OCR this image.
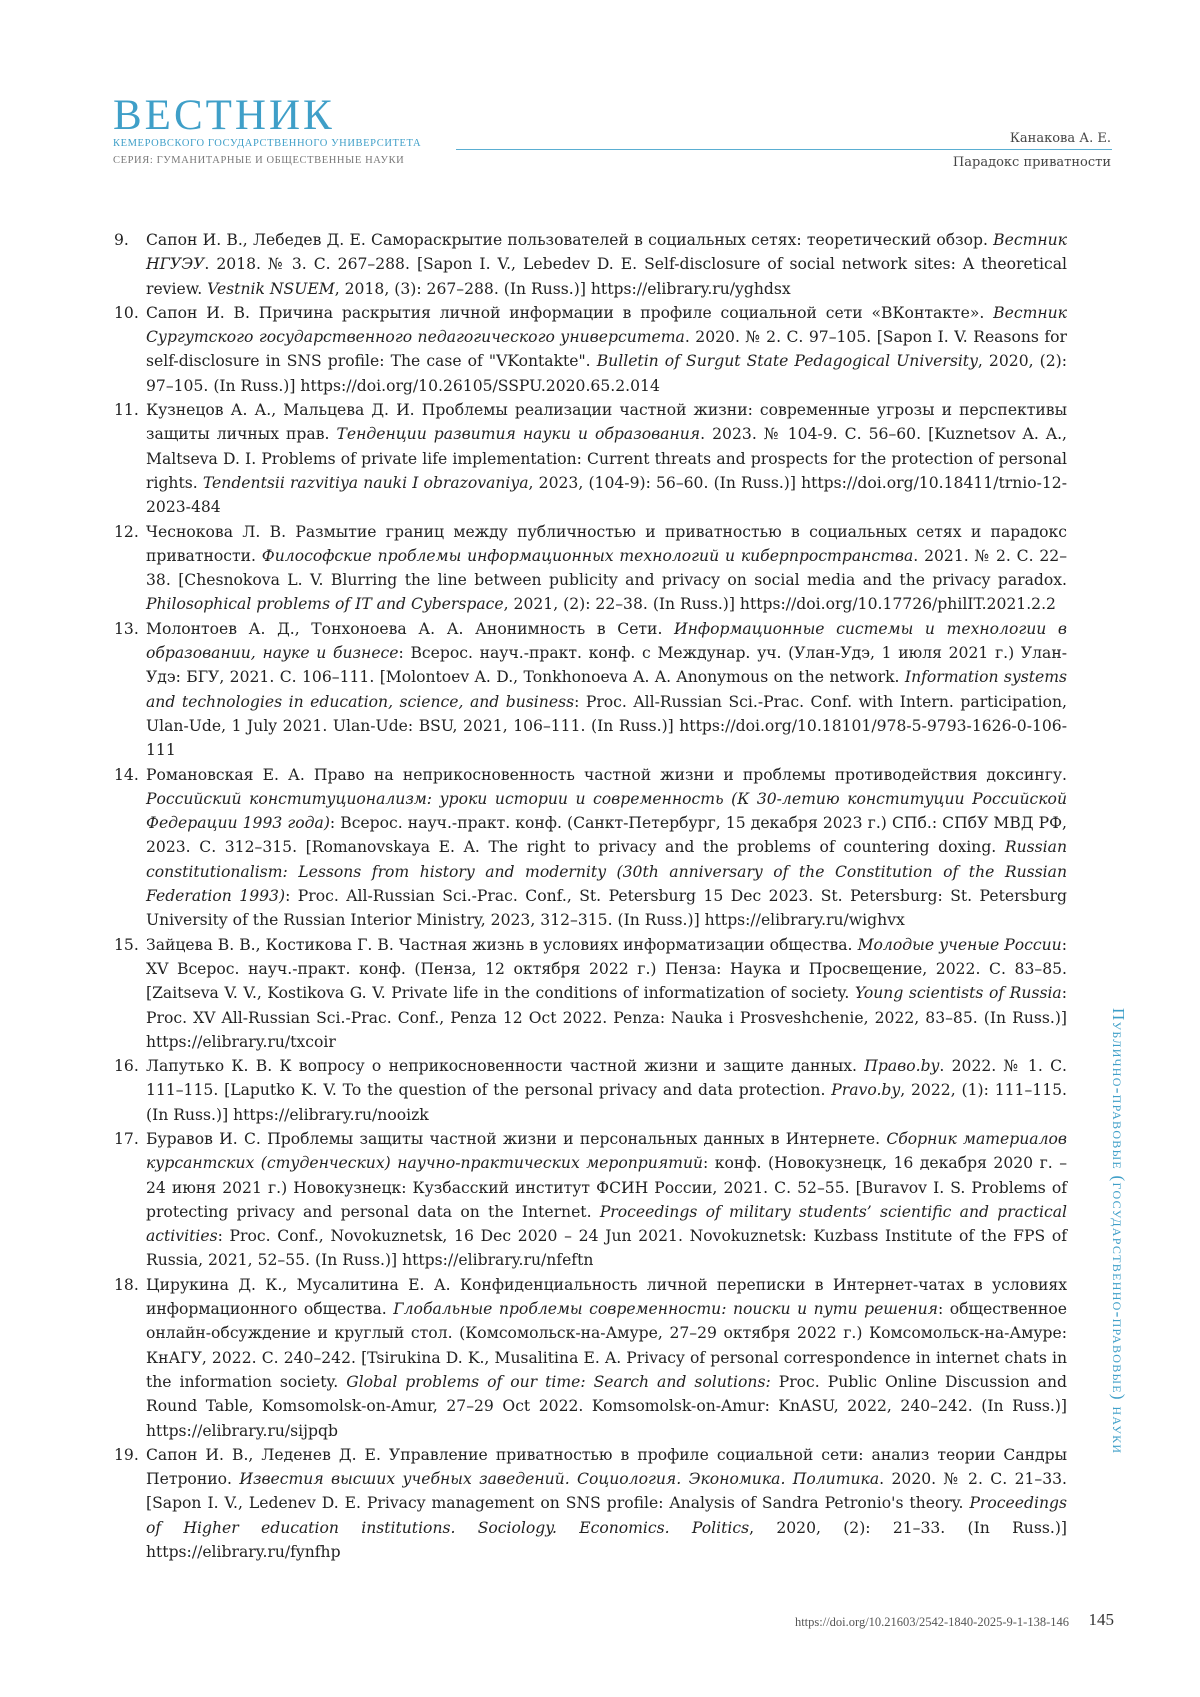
ВЕСТНИК
КЕМЕРОВСКОГО ГОСУДАРСТВЕННОГО УНИВЕРСИТЕТА
СЕРИЯ: ГУМАНИТАРНЫЕ И ОБЩЕСТВЕННЫЕ НАУКИ
Канакова А. Е.
Парадокс приватности
9.	Сапон И. В., Лебедев Д. Е. Саморaскрытие пользователей в социальных сетях: теоретический обзор. Вестник НГУЭУ. 2018. № 3. С. 267–288. [Sapon I. V., Lebedev D. E. Self-disclosure of social network sites: A theoretical review. Vestnik NSUEM, 2018, (3): 267–288. (In Russ.)] https://elibrary.ru/yghdsx
10. Сапон И. В. Причина раскрытия личной информации в профиле социальной сети «ВКонтакте». Вестник Сургутского государственного педагогического университета. 2020. № 2. С. 97–105. [Sapon I. V. Reasons for self-disclosure in SNS profile: The case of "VKontakte". Bulletin of Surgut State Pedagogical University, 2020, (2): 97–105. (In Russ.)] https://doi.org/10.26105/SSPU.2020.65.2.014
11. Кузнецов А. А., Мальцева Д. И. Проблемы реализации частной жизни: современные угрозы и перспективы защиты личных прав. Тенденции развития науки и образования. 2023. № 104-9. С. 56–60. [Kuznetsov A. A., Maltseva D. I. Problems of private life implementation: Current threats and prospects for the protection of personal rights. Tendentsii razvitiya nauki I obrazovaniya, 2023, (104-9): 56–60. (In Russ.)] https://doi.org/10.18411/trnio-12-2023-484
12. Чеснокова Л. В. Размытие границ между публичностью и приватностью в социальных сетях и парадокс приватности. Философские проблемы информационных технологий и киберпространства. 2021. № 2. С. 22–38. [Chesnokova L. V. Blurring the line between publicity and privacy on social media and the privacy paradox. Philosophical problems of IT and Cyberspace, 2021, (2): 22–38. (In Russ.)] https://doi.org/10.17726/philIT.2021.2.2
13. Молонтоев А. Д., Тонхоноева А. А. Анонимность в Сети. Информационные системы и технологии в образовании, науке и бизнесе: Всерос. науч.-практ. конф. с Междунар. уч. (Улан-Удэ, 1 июля 2021 г.) Улан-Удэ: БГУ, 2021. С. 106–111. [Molontoev A. D., Tonkhonoeva A. A. Anonymous on the network. Information systems and technologies in education, science, and business: Proc. All-Russian Sci.-Prac. Conf. with Intern. participation, Ulan-Ude, 1 July 2021. Ulan-Ude: BSU, 2021, 106–111. (In Russ.)] https://doi.org/10.18101/978-5-9793-1626-0-106-111
14. Романовская Е. А. Право на неприкосновенность частной жизни и проблемы противодействия доксингу. Российский конституционализм: уроки истории и современность (К 30-летию конституции Российской Федерации 1993 года): Всерос. науч.-практ. конф. (Санкт-Петербург, 15 декабря 2023 г.) СПб.: СПбУ МВД РФ, 2023. С. 312–315. [Romanovskaya E. A. The right to privacy and the problems of countering doxing. Russian constitutionalism: Lessons from history and modernity (30th anniversary of the Constitution of the Russian Federation 1993): Proc. All-Russian Sci.-Prac. Conf., St. Petersburg 15 Dec 2023. St. Petersburg: St. Petersburg University of the Russian Interior Ministry, 2023, 312–315. (In Russ.)] https://elibrary.ru/wighvx
15. Зайцева В. В., Костикова Г. В. Частная жизнь в условиях информатизации общества. Молодые ученые России: XV Всерос. науч.-практ. конф. (Пенза, 12 октября 2022 г.) Пенза: Наука и Просвещение, 2022. С. 83–85. [Zaitseva V. V., Kostikova G. V. Private life in the conditions of informatization of society. Young scientists of Russia: Proc. XV All-Russian Sci.-Prac. Conf., Penza 12 Oct 2022. Penza: Nauka i Prosveshchenie, 2022, 83–85. (In Russ.)] https://elibrary.ru/txcoir
16. Лапутько К. В. К вопросу о неприкосновенности частной жизни и защите данных. Право.by. 2022. № 1. С. 111–115. [Laputko K. V. To the question of the personal privacy and data protection. Pravo.by, 2022, (1): 111–115. (In Russ.)] https://elibrary.ru/nooizk
17. Буравов И. С. Проблемы защиты частной жизни и персональных данных в Интернете. Сборник материалов курсантских (студенческих) научно-практических мероприятий: конф. (Новокузнецк, 16 декабря 2020 г. – 24 июня 2021 г.) Новокузнецк: Кузбасский институт ФСИН России, 2021. С. 52–55. [Buravov I. S. Problems of protecting privacy and personal data on the Internet. Proceedings of military students’ scientific and practical activities: Proc. Conf., Novokuznetsk, 16 Dec 2020 – 24 Jun 2021. Novokuznetsk: Kuzbass Institute of the FPS of Russia, 2021, 52–55. (In Russ.)] https://elibrary.ru/nfeftn
18. Цирукина Д. К., Мусалитина Е. А. Конфиденциальность личной переписки в Интернет-чатах в условиях информационного общества. Глобальные проблемы современности: поиски и пути решения: общественное онлайн-обсуждение и круглый стол. (Комсомольск-на-Амуре, 27–29 октября 2022 г.) Комсомольск-на-Амуре: КнАГУ, 2022. С. 240–242. [Tsirukina D. K., Musalitina E. A. Privacy of personal correspondence in internet chats in the information society. Global problems of our time: Search and solutions: Proc. Public Online Discussion and Round Table, Komsomolsk-on-Amur, 27–29 Oct 2022. Komsomolsk-on-Amur: KnASU, 2022, 240–242. (In Russ.)] https://elibrary.ru/sijpqb
19. Сапон И. В., Леденев Д. Е. Управление приватностью в профиле социальной сети: анализ теории Сандры Петронио. Известия высших учебных заведений. Социология. Экономика. Политика. 2020. № 2. С. 21–33. [Sapon I. V., Ledenev D. E. Privacy management on SNS profile: Analysis of Sandra Petronio's theory. Proceedings of Higher education institutions. Sociology. Economics. Politics, 2020, (2): 21–33. (In Russ.)] https://elibrary.ru/fynfhp
Публично-правовые (государственно-правовые) науки
https://doi.org/10.21603/2542-1840-2025-9-1-138-146 145
